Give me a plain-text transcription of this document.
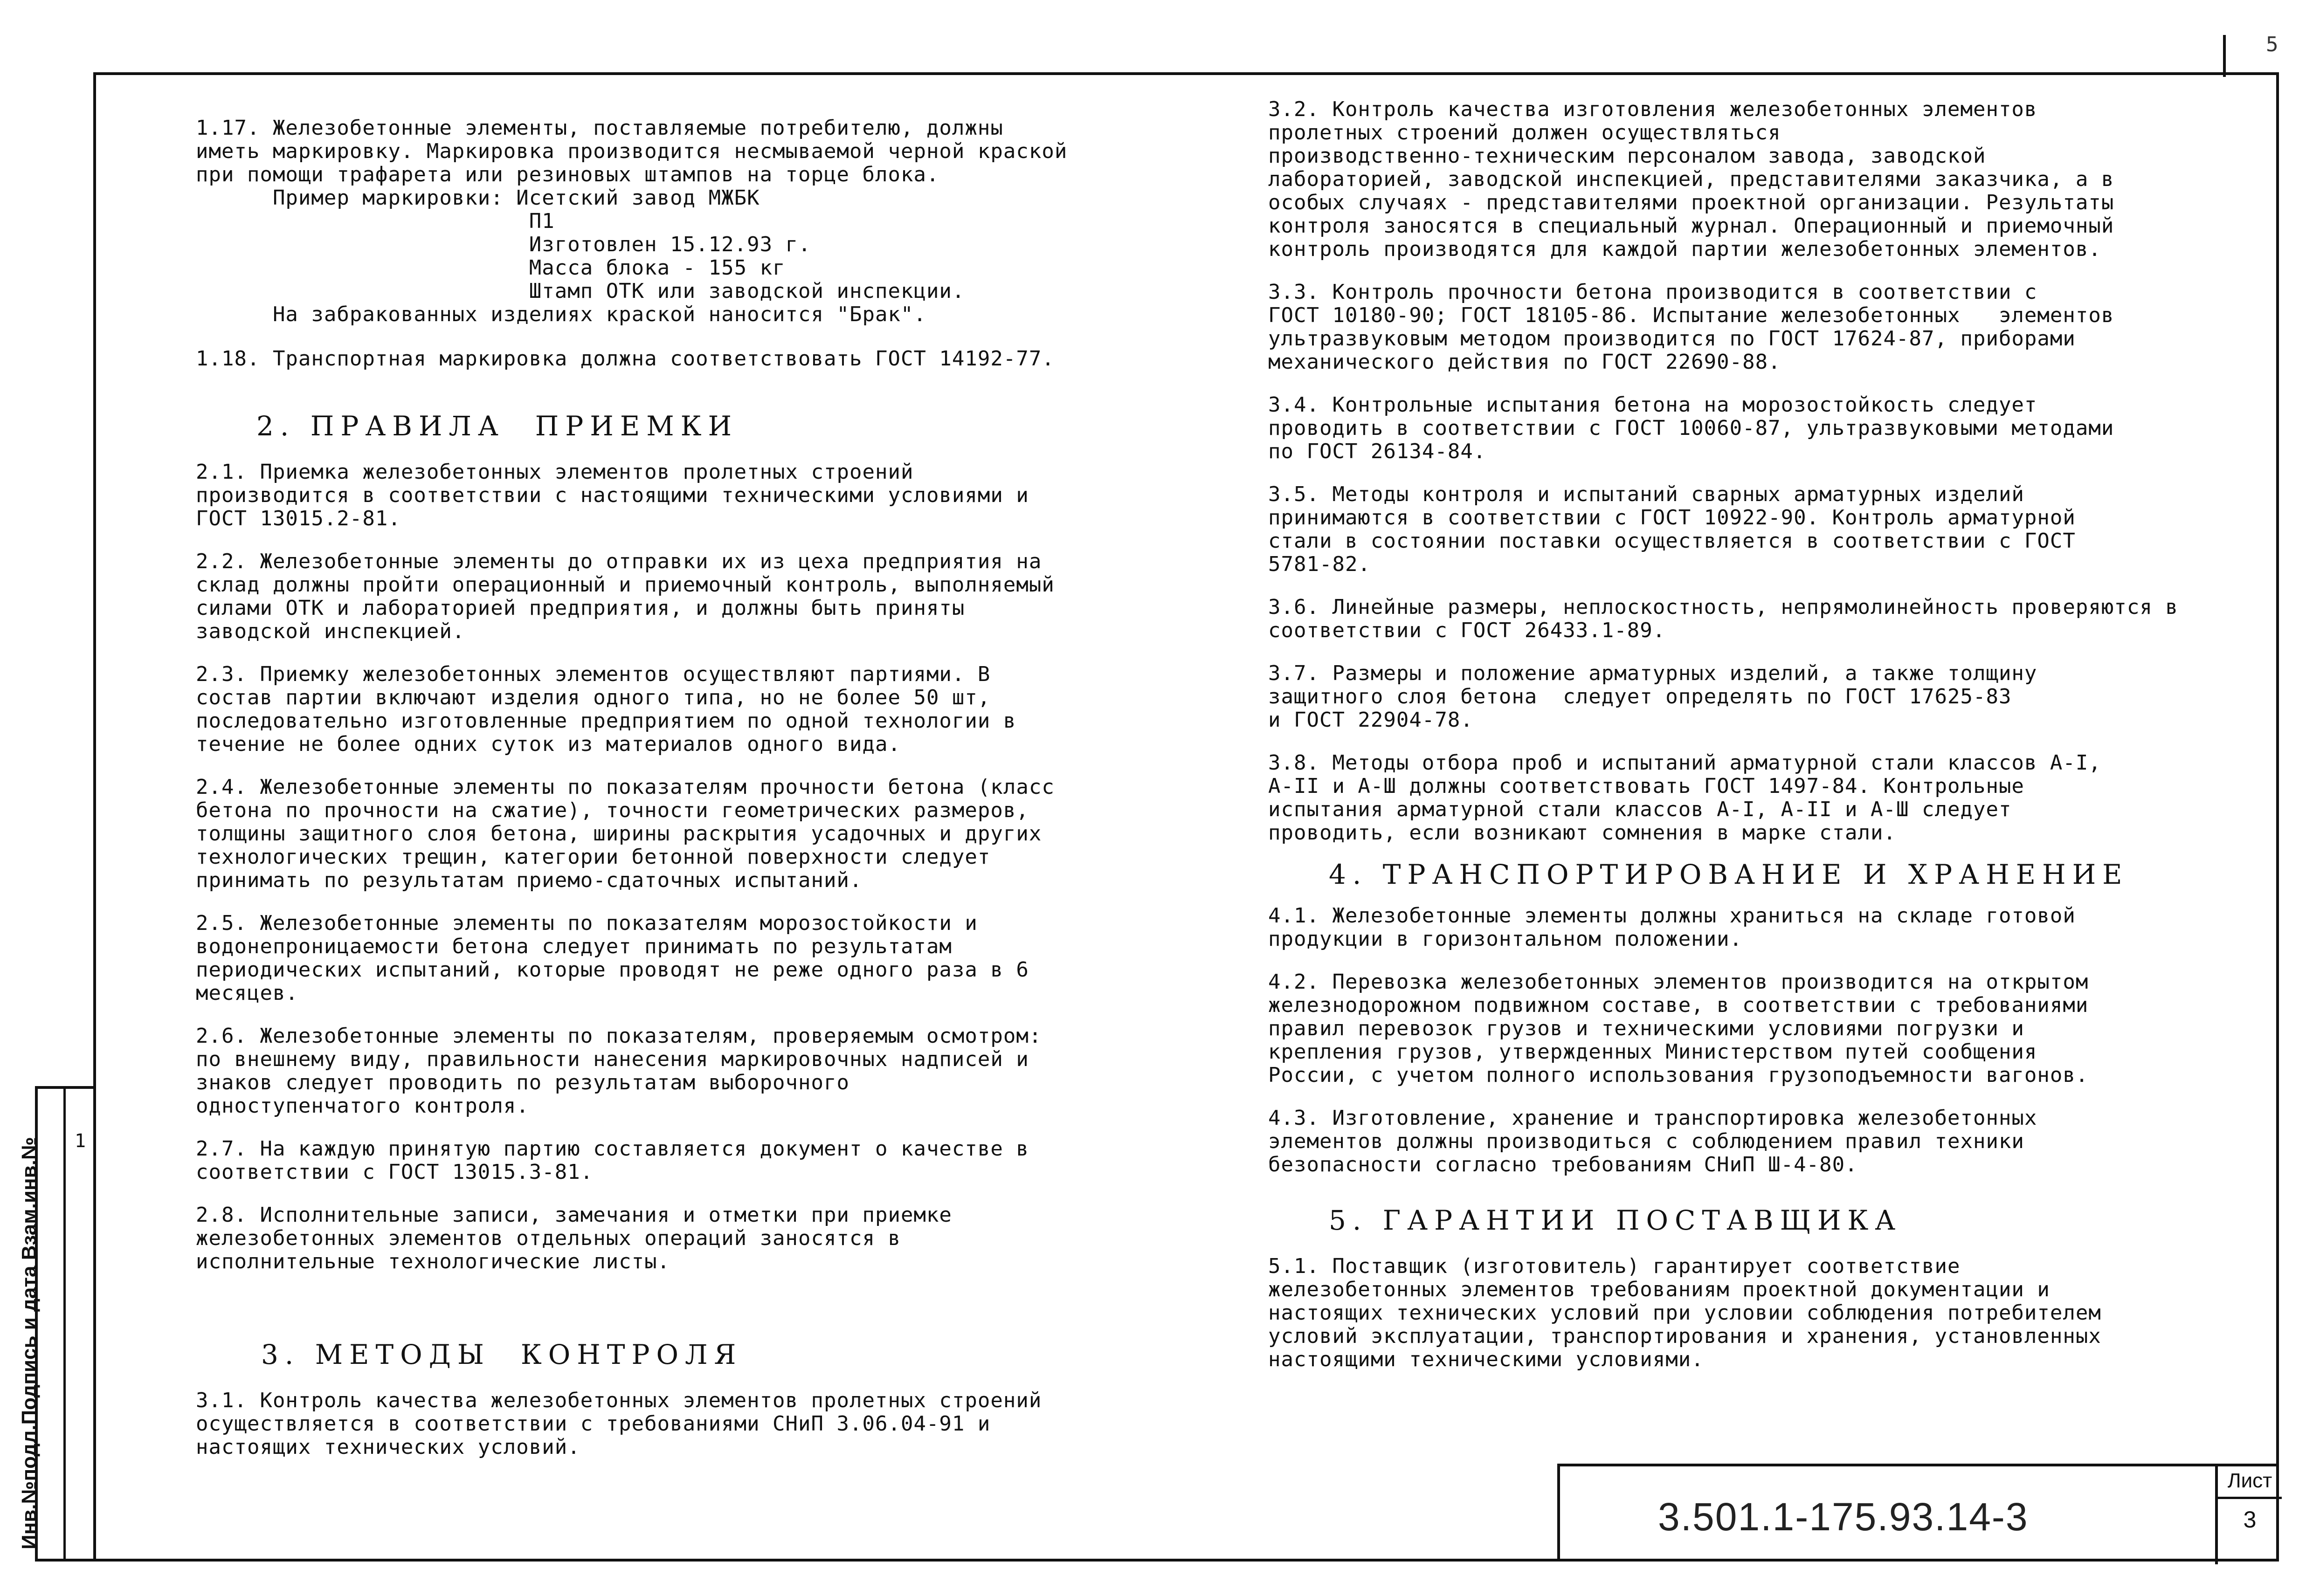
5
Инв.№подл.Подпись и дата Взам.инв.№ 1
1.17. Железобетонные элементы, поставляемые потребителю, должны
иметь маркировку. Маркировка производится несмываемой черной краской
при помощи трафарета или резиновых штампов на торце блока.
Пример маркировки: Исетский завод МЖБК
П1
Изготовлен 15.12.93 г.
Масса блока - 155 кг
Штамп ОТК или заводской инспекции.
На забракованных изделиях краской наносится "Брак".
1.18. Транспортная маркировка должна соответствовать ГОСТ 14192-77.
2. ПРАВИЛА  ПРИЕМКИ
2.1. Приемка железобетонных элементов пролетных строений
производится в соответствии с настоящими техническими условиями и
ГОСТ 13015.2-81.
2.2. Железобетонные элементы до отправки их из цеха предприятия на
склад должны пройти операционный и приемочный контроль, выполняемый
силами ОТК и лабораторией предприятия, и должны быть приняты
заводской инспекцией.
2.3. Приемку железобетонных элементов осуществляют партиями. В
состав партии включают изделия одного типа, но не более 50 шт,
последовательно изготовленные предприятием по одной технологии в
течение не более одних суток из материалов одного вида.
2.4. Железобетонные элементы по показателям прочности бетона (класс
бетона по прочности на сжатие), точности геометрических размеров,
толщины защитного слоя бетона, ширины раскрытия усадочных и других
технологических трещин, категории бетонной поверхности следует
принимать по результатам приемо-сдаточных испытаний.
2.5. Железобетонные элементы по показателям морозостойкости и
водонепроницаемости бетона следует принимать по результатам
периодических испытаний, которые проводят не реже одного раза в 6
месяцев.
2.6. Железобетонные элементы по показателям, проверяемым осмотром:
по внешнему виду, правильности нанесения маркировочных надписей и
знаков следует проводить по результатам выборочного
одноступенчатого контроля.
2.7. На каждую принятую партию составляется документ о качестве в
соответствии с ГОСТ 13015.3-81.
2.8. Исполнительные записи, замечания и отметки при приемке
железобетонных элементов отдельных операций заносятся в
исполнительные технологические листы.
3. МЕТОДЫ  КОНТРОЛЯ
3.1. Контроль качества железобетонных элементов пролетных строений
осуществляется в соответствии с требованиями СНиП 3.06.04-91 и
настоящих технических условий.
3.2. Контроль качества изготовления железобетонных элементов
пролетных строений должен осуществляться
производственно-техническим персоналом завода, заводской
лабораторией, заводской инспекцией, представителями заказчика, а в
особых случаях - представителями проектной организации. Результаты
контроля заносятся в специальный журнал. Операционный и приемочный
контроль производятся для каждой партии железобетонных элементов.
3.3. Контроль прочности бетона производится в соответствии с
ГОСТ 10180-90; ГОСТ 18105-86. Испытание железобетонных   элементов
ультразвуковым методом производится по ГОСТ 17624-87, приборами
механического действия по ГОСТ 22690-88.
3.4. Контрольные испытания бетона на морозостойкость следует
проводить в соответствии с ГОСТ 10060-87, ультразвуковыми методами
по ГОСТ 26134-84.
3.5. Методы контроля и испытаний сварных арматурных изделий
принимаются в соответствии с ГОСТ 10922-90. Контроль арматурной
стали в состоянии поставки осуществляется в соответствии с ГОСТ
5781-82.
3.6. Линейные размеры, неплоскостность, непрямолинейность проверяются в
соответствии с ГОСТ 26433.1-89.
3.7. Размеры и положение арматурных изделий, а также толщину
защитного слоя бетона  следует определять по ГОСТ 17625-83
и ГОСТ 22904-78.
3.8. Методы отбора проб и испытаний арматурной стали классов А-I,
А-II и А-Ш должны соответствовать ГОСТ 1497-84. Контрольные
испытания арматурной стали классов А-I, А-II и А-Ш следует
проводить, если возникают сомнения в марке стали.
4. ТРАНСПОРТИРОВАНИЕ И ХРАНЕНИЕ
4.1. Железобетонные элементы должны храниться на складе готовой
продукции в горизонтальном положении.
4.2. Перевозка железобетонных элементов производится на открытом
железнодорожном подвижном составе, в соответствии с требованиями
правил перевозок грузов и техническими условиями погрузки и
крепления грузов, утвержденных Министерством путей сообщения
России, с учетом полного использования грузоподъемности вагонов.
4.3. Изготовление, хранение и транспортировка железобетонных
элементов должны производиться с соблюдением правил техники
безопасности согласно требованиям СНиП Ш-4-80.
5. ГАРАНТИИ ПОСТАВЩИКА
5.1. Поставщик (изготовитель) гарантирует соответствие
железобетонных элементов требованиям проектной документации и
настоящих технических условий при условии соблюдения потребителем
условий эксплуатации, транспортирования и хранения, установленных
настоящими техническими условиями.
3.501.1-175.93.14-3
Лист
3
